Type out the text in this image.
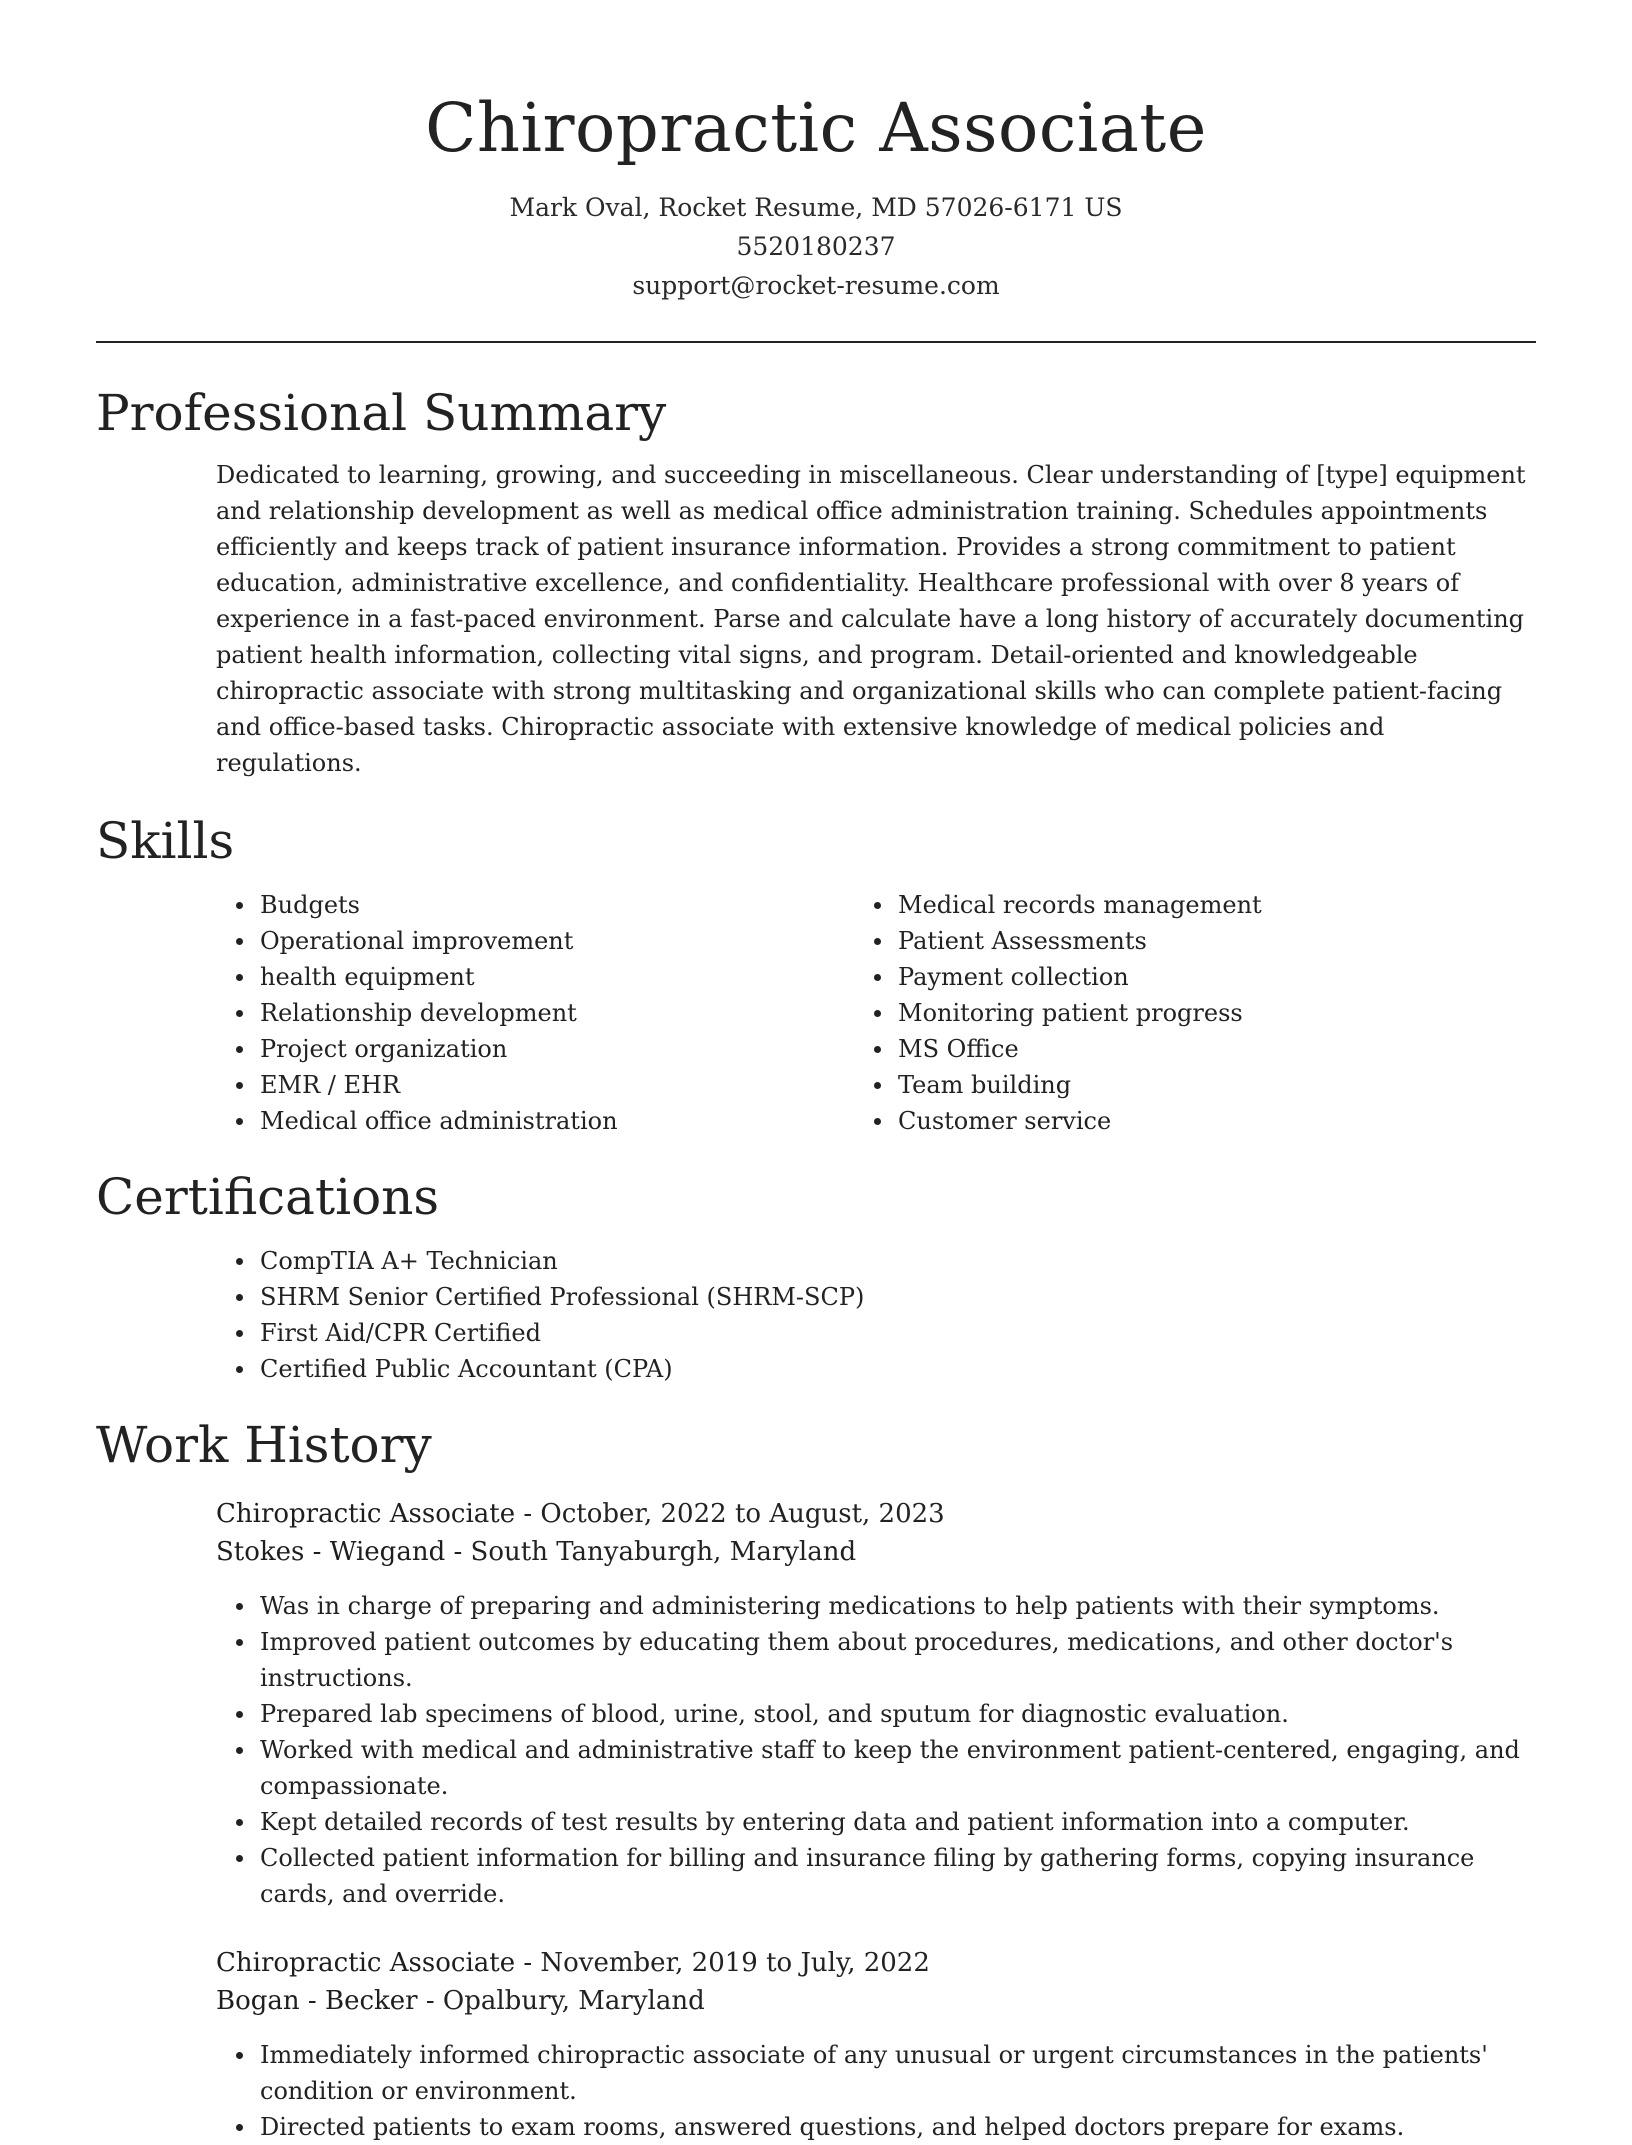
Chiropractic Associate
Mark Oval, Rocket Resume, MD 57026-6171 US
5520180237
support@rocket-resume.com
Professional Summary
Dedicated to learning, growing, and succeeding in miscellaneous. Clear understanding of [type] equipment and relationship development as well as medical office administration training. Schedules appointments efficiently and keeps track of patient insurance information. Provides a strong commitment to patient education, administrative excellence, and confidentiality. Healthcare professional with over 8 years of experience in a fast-paced environment. Parse and calculate have a long history of accurately documenting patient health information, collecting vital signs, and program. Detail-oriented and knowledgeable chiropractic associate with strong multitasking and organizational skills who can complete patient-facing and office-based tasks. Chiropractic associate with extensive knowledge of medical policies and regulations.
Skills
Budgets
Operational improvement
health equipment
Relationship development
Project organization
EMR / EHR
Medical office administration
Medical records management
Patient Assessments
Payment collection
Monitoring patient progress
MS Office
Team building
Customer service
Certifications
CompTIA A+ Technician
SHRM Senior Certified Professional (SHRM-SCP)
First Aid/CPR Certified
Certified Public Accountant (CPA)
Work History
Chiropractic Associate - October, 2022 to August, 2023
Stokes - Wiegand - South Tanyaburgh, Maryland
Was in charge of preparing and administering medications to help patients with their symptoms.
Improved patient outcomes by educating them about procedures, medications, and other doctor's instructions.
Prepared lab specimens of blood, urine, stool, and sputum for diagnostic evaluation.
Worked with medical and administrative staff to keep the environment patient-centered, engaging, and compassionate.
Kept detailed records of test results by entering data and patient information into a computer.
Collected patient information for billing and insurance filing by gathering forms, copying insurance cards, and override.
Chiropractic Associate - November, 2019 to July, 2022
Bogan - Becker - Opalbury, Maryland
Immediately informed chiropractic associate of any unusual or urgent circumstances in the patients' condition or environment.
Directed patients to exam rooms, answered questions, and helped doctors prepare for exams.
